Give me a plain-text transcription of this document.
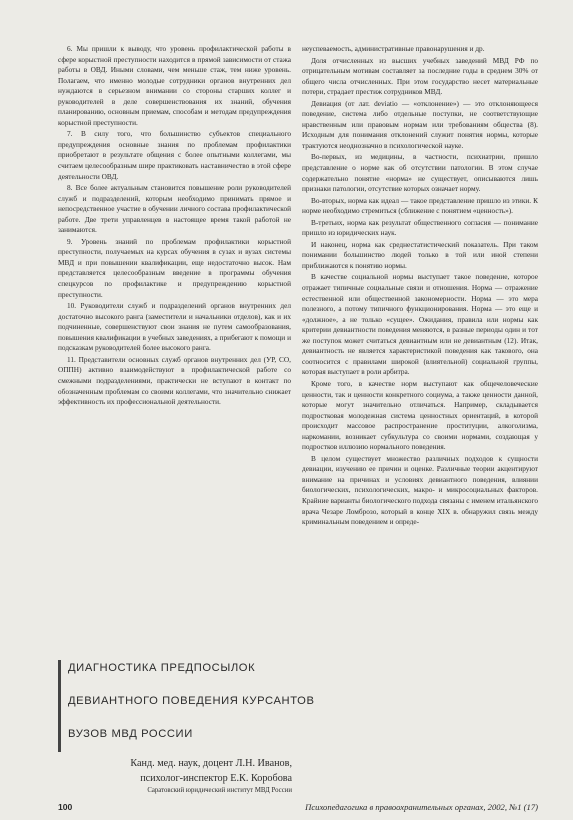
6. Мы пришли к выводу, что уровень профилактической работы в сфере корыстной преступности находится в прямой зависимости от стажа работы в ОВД. Иными словами, чем меньше стаж, тем ниже уровень. Полагаем, что именно молодые сотрудники органов внутренних дел нуждаются в серьезном внимании со стороны старших коллег и руководителей в деле совершенствования их знаний, обучения планированию, основным приемам, способам и методам предупреждения корыстной преступности.

7. В силу того, что большинство субъектов специального предупреждения основные знания по проблемам профилактики приобретают в результате общения с более опытными коллегами, мы считаем целесообразным шире практиковать наставничество в этой сфере деятельности ОВД.

8. Все более актуальным становится повышение роли руководителей служб и подразделений, которым необходимо принимать прямое и непосредственное участие в обучении личного состава профилактической работе. Две трети управленцев в настоящее время такой работой не занимаются.

9. Уровень знаний по проблемам профилактики корыстной преступности, получаемых на курсах обучения в сузах и вузах системы МВД и при повышении квалификации, еще недостаточно высок. Нам представляется целесообразным введение в программы обучения спецкурсов по профилактике и предупреждению корыстной преступности.

10. Руководители служб и подразделений органов внутренних дел достаточно высокого ранга (заместители и начальники отделов), как и их подчиненные, совершенствуют свои знания не путем самообразования, повышения квалификации в учебных заведениях, а прибегают к помощи и подсказкам руководителей более высокого ранга.

11. Представители основных служб органов внутренних дел (УР, СО, ОППН) активно взаимодействуют в профилактической работе со смежными подразделениями, практически не вступают в контакт по обозначенным проблемам со своими коллегами, что значительно снижает эффективность их профессиональной деятельности.

ДИАГНОСТИКА ПРЕДПОСЫЛОК
ДЕВИАНТНОГО ПОВЕДЕНИЯ КУРСАНТОВ
ВУЗОВ МВД РОССИИ
Канд. мед. наук, доцент Л.Н. Иванов,
психолог-инспектор Е.К. Коробова
Саратовский юридический институт МВД России

неуспеваемость, административные правонарушения и др.

Доля отчисленных из высших учебных заведений МВД РФ по отрицательным мотивам составляет за последние годы в среднем 30% от общего числа отчисленных. При этом государство несет материальные потери, страдает престиж сотрудников МВД.

Девиация (от лат. deviatio — «отклонение») — это отклоняющееся поведение, система либо отдельные поступки, не соответствующие нравственным или правовым нормам или требованиям общества (8). Исходным для понимания отклонений служит понятия нормы, которые трактуются неоднозначно в психологической науке.

Во-первых, из медицины, в частности, психиатрии, пришло представление о норме как об отсутствии патологии. В этом случае содержательно понятие «норма» не существует, описываются лишь признаки патологии, отсутствие которых означает норму.

Во-вторых, норма как идеал — такое представление пришло из этики. К норме необходимо стремиться (сближение с понятием «ценность»).

В-третьих, норма как результат общественного согласия — понимание пришло из юридических наук.

И наконец, норма как среднестатистический показатель. При таком понимании большинство людей только в той или иной степени приближаются к понятию нормы.

В качестве социальной нормы выступает такое поведение, которое отражает типичные социальные связи и отношения. Норма — отражение естественной или общественной закономерности. Норма — это мера полезного, а потому типичного функционирования. Норма — это еще и «должное», а не только «сущее». Ожидания, правила или нормы как критерии девиантности поведения меняются, в разные периоды один и тот же поступок может считаться девиантным или не девиантным (12). Итак, девиантность не является характеристикой поведения как такового, она соотносится с правилами широкой (влиятельной) социальной группы, которая выступает в роли арбитра.

Кроме того, в качестве норм выступают как общечеловеческие ценности, так и ценности конкретного социума, а также ценности данной, которые могут значительно отличаться. Например, складывается подростковая молодежная система ценностных ориентаций, в которой происходит массовое распространение проституции, алкоголизма, наркомании, возникает субкультура со своими нормами, создающая у подростков иллюзию нормального поведения.

В целом существует множество различных подходов к сущности девиации, изучению ее причин и оценке. Различные теории акцентируют внимание на причинах и условиях девиантного поведения, влиянии биологических, психологических, макро- и микросоциальных факторов. Крайние варианты биологического подхода связаны с именем итальянского врача Чезаре Ломброзо, который в конце XIX в. обнаружил связь между криминальным поведением и опреде-

100	Психопедагогика в правоохранительных органах, 2002, №1 (17)
